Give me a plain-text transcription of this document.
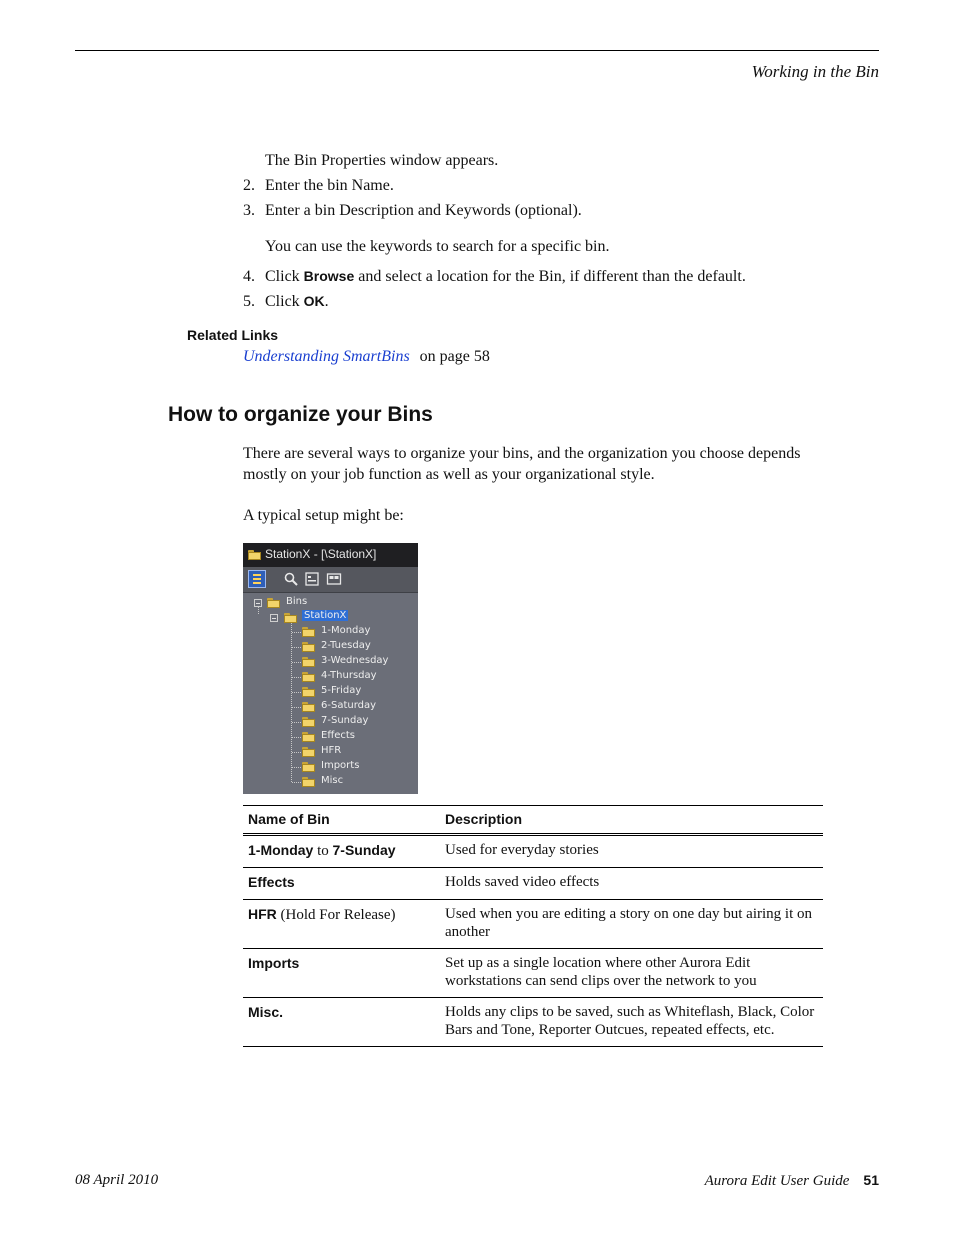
Working in the Bin
The Bin Properties window appears.
2. Enter the bin Name.
3. Enter a bin Description and Keywords (optional).
You can use the keywords to search for a specific bin.
4. Click Browse and select a location for the Bin, if different than the default.
5. Click OK.
Related Links
Understanding SmartBins on page 58
How to organize your Bins
There are several ways to organize your bins, and the organization you choose depends mostly on your job function as well as your organizational style.
A typical setup might be:
StationX - [\StationX]
Bins
StationX
1-Monday
2-Tuesday
3-Wednesday
4-Thursday
5-Friday
6-Saturday
7-Sunday
Effects
HFR
Imports
Misc
Name of Bin	Description
1-Monday to 7-Sunday	Used for everyday stories
Effects	Holds saved video effects
HFR (Hold For Release)	Used when you are editing a story on one day but airing it on another
Imports	Set up as a single location where other Aurora Edit workstations can send clips over the network to you
Misc.	Holds any clips to be saved, such as Whiteflash, Black, Color Bars and Tone, Reporter Outcues, repeated effects, etc.
08 April 2010	Aurora Edit User Guide 51
